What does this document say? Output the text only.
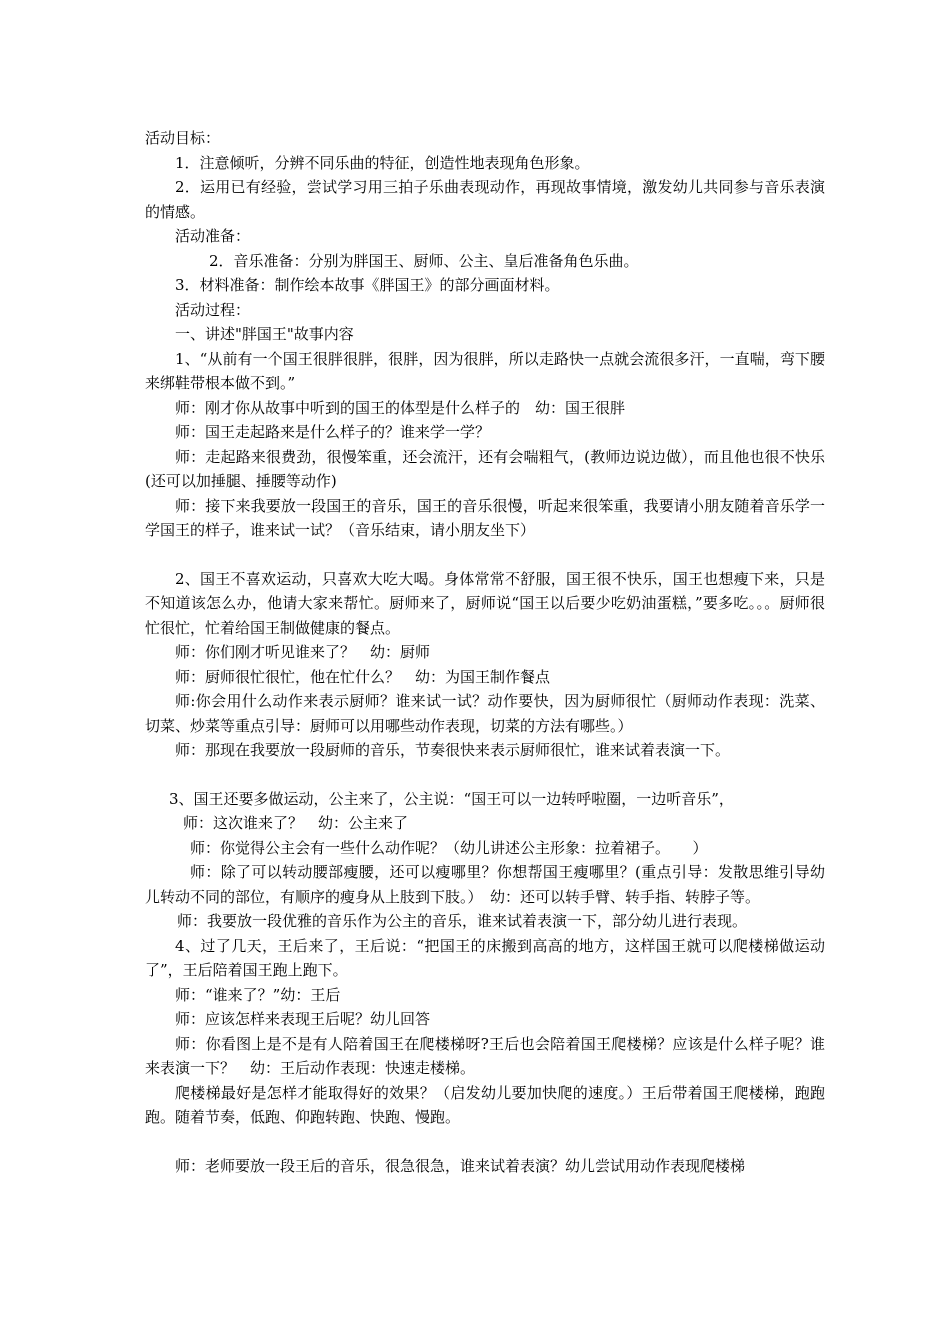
活动目标：

1．注意倾听，分辨不同乐曲的特征，创造性地表现角色形象。

2．运用已有经验，尝试学习用三拍子乐曲表现动作，再现故事情境，激发幼儿共同参与音乐表演的情感。

活动准备：

2．音乐准备：分别为胖国王、厨师、公主、皇后准备角色乐曲。

3．材料准备：制作绘本故事《胖国王》的部分画面材料。

活动过程：

一、讲述"胖国王"故事内容

1、“从前有一个国王很胖很胖，很胖，因为很胖，所以走路快一点就会流很多汗，一直喘，弯下腰来绑鞋带根本做不到。”

师：刚才你从故事中听到的国王的体型是什么样子的　幼：国王很胖

师：国王走起路来是什么样子的？谁来学一学？

师：走起路来很费劲，很慢笨重，还会流汗，还有会喘粗气，(教师边说边做），而且他也很不快乐(还可以加捶腿、捶腰等动作)

师：接下来我要放一段国王的音乐，国王的音乐很慢，听起来很笨重，我要请小朋友随着音乐学一学国王的样子，谁来试一试？（音乐结束，请小朋友坐下）

2、国王不喜欢运动，只喜欢大吃大喝。身体常常不舒服，国王很不快乐，国王也想瘦下来，只是不知道该怎么办，他请大家来帮忙。厨师来了，厨师说“国王以后要少吃奶油蛋糕，”要多吃。。。厨师很忙很忙，忙着给国王制做健康的餐点。

师：你们刚才听见谁来了？　幼：厨师

师：厨师很忙很忙，他在忙什么？　幼：为国王制作餐点

师:你会用什么动作来表示厨师？谁来试一试？动作要快，因为厨师很忙（厨师动作表现：洗菜、切菜、炒菜等重点引导：厨师可以用哪些动作表现，切菜的方法有哪些。）

师：那现在我要放一段厨师的音乐，节奏很快来表示厨师很忙，谁来试着表演一下。

3、国王还要多做运动，公主来了，公主说：“国王可以一边转呼啦圈，一边听音乐”，

师：这次谁来了？　幼：公主来了

师：你觉得公主会有一些什么动作呢？（幼儿讲述公主形象：拉着裙子。　　）

师：除了可以转动腰部瘦腰，还可以瘦哪里？你想帮国王瘦哪里？(重点引导：发散思维引导幼儿转动不同的部位，有顺序的瘦身从上肢到下肢。）　幼：还可以转手臂、转手指、转脖子等。

师：我要放一段优雅的音乐作为公主的音乐，谁来试着表演一下，部分幼儿进行表现。

4、过了几天，王后来了，王后说：“把国王的床搬到高高的地方，这样国王就可以爬楼梯做运动了”，王后陪着国王跑上跑下。

师：“谁来了？”幼：王后

师：应该怎样来表现王后呢？幼儿回答

师：你看图上是不是有人陪着国王在爬楼梯呀?王后也会陪着国王爬楼梯？应该是什么样子呢？谁来表演一下？　幼：王后动作表现：快速走楼梯。

爬楼梯最好是怎样才能取得好的效果？（启发幼儿要加快爬的速度。）王后带着国王爬楼梯，跑跑跑。随着节奏，低跑、仰跑转跑、快跑、慢跑。

师：老师要放一段王后的音乐，很急很急，谁来试着表演？幼儿尝试用动作表现爬楼梯
